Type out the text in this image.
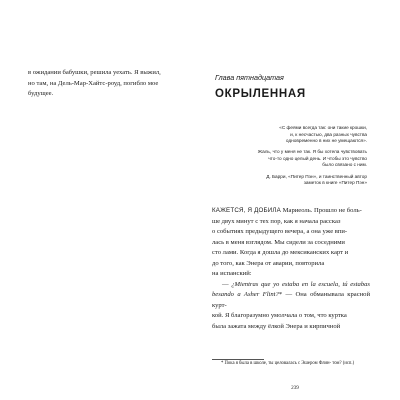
в ожидании бабушки, решила уехать. Я выжил,
но там, на Дель-Мар-Хайтс-роуд, погибло мое
будущее.

Глава пятнадцатая

ОКРЫЛЕННАЯ

«С феями всегда так: они такие крошки,
и, к несчастью, два разных чувства
одновременно в них не умещаются».

Жаль, что у меня не так. Я бы хотела чувствовать
что-то одно целый день. И чтобы это чувство
было связано с ним.

Д. Барри, «Питер Пэн», и таинственный автор
заметок в книге «Питер Пэн»

КАЖЕТСЯ, Я ДОБИЛА Мариеоль. Прошло не боль-
ше двух минут с тех пор, как я начала рассказ
о событиях предыдущего вечера, а она уже впи-
лась в меня взглядом. Мы сидели за соседними
сто лами. Когда я дошла до мексиканских карт и
до того, как Энера от аварии, повторила
на испанский:

— ¿Mientras que yo estaba en la escuela, tú estabas besando a Asher Flint?* — Она обманывала красной курт-
кой. Я благоразумно умолчала о том, что куртка
была зажата между ёлкой Энера и кирпичной

* Пока я была в школе, ты целовалась с Эшером Флин- том? (исп.)

239
